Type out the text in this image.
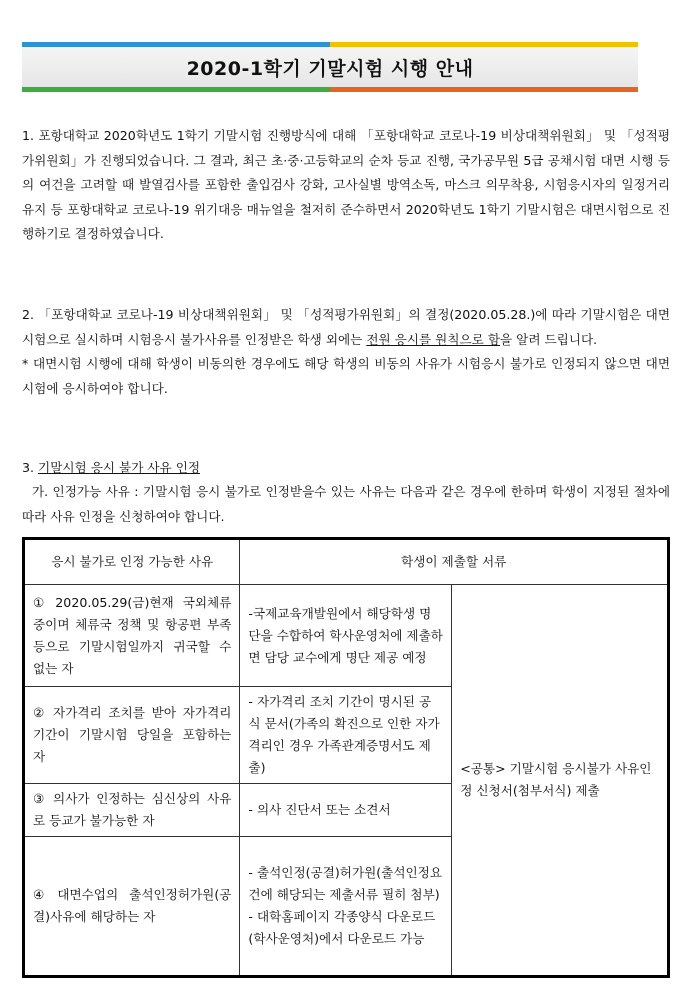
2020-1학기 기말시험 시행 안내

1. 포항대학교 2020학년도 1학기 기말시험 진행방식에 대해 「포항대학교 코로나-19 비상대책위원회」 및 「성적평가위원회」가 진행되었습니다. 그 결과, 최근 초·중·고등학교의 순차 등교 진행, 국가공무원 5급 공채시험 대면 시행 등의 여건을 고려할 때 발열검사를 포함한 출입검사 강화, 고사실별 방역소독, 마스크 의무착용, 시험응시자의 일정거리 유지 등 포항대학교 코로나-19 위기대응 매뉴얼을 철저히 준수하면서 2020학년도 1학기 기말시험은 대면시험으로 진행하기로 결정하였습니다.

2. 「포항대학교 코로나-19 비상대책위원회」 및 「성적평가위원회」의 결정(2020.05.28.)에 따라 기말시험은 대면시험으로 실시하며 시험응시 불가사유를 인정받은 학생 외에는 전원 응시를 원칙으로 함을 알려 드립니다.

* 대면시험 시행에 대해 학생이 비동의한 경우에도 해당 학생의 비동의 사유가 시험응시 불가로 인정되지 않으면 대면시험에 응시하여야 합니다.

3. 기말시험 응시 불가 사유 인정

가. 인정가능 사유 : 기말시험 응시 불가로 인정받을수 있는 사유는 다음과 같은 경우에 한하며 학생이 지정된 절차에 따라 사유 인정을 신청하여야 합니다.

응시 불가로 인정 가능한 사유	학생이 제출할 서류	
① 2020.05.29(금)현재 국외체류 중이며 체류국 정책 및 항공편 부족 등으로 기말시험일까지 귀국할 수 없는 자	-국제교육개발원에서 해당학생 명단을 수합하여 학사운영처에 제출하면 담당 교수에게 명단 제공 예정	<공통> 기말시험 응시불가 사유인정 신청서(첨부서식) 제출
② 자가격리 조치를 받아 자가격리 기간이 기말시험 당일을 포함하는 자	- 자가격리 조치 기간이 명시된 공식 문서(가족의 확진으로 인한 자가격리인 경우 가족관계증명서도 제출)	
③ 의사가 인정하는 심신상의 사유로 등교가 불가능한 자	- 의사 진단서 또는 소견서	
④ 대면수업의 출석인정허가원(공결)사유에 해당하는 자	- 출석인정(공결)허가원(출석인정요건에 해당되는 제출서류 필히 첨부) - 대학홈페이지 각종양식 다운로드(학사운영처)에서 다운로드 가능	
